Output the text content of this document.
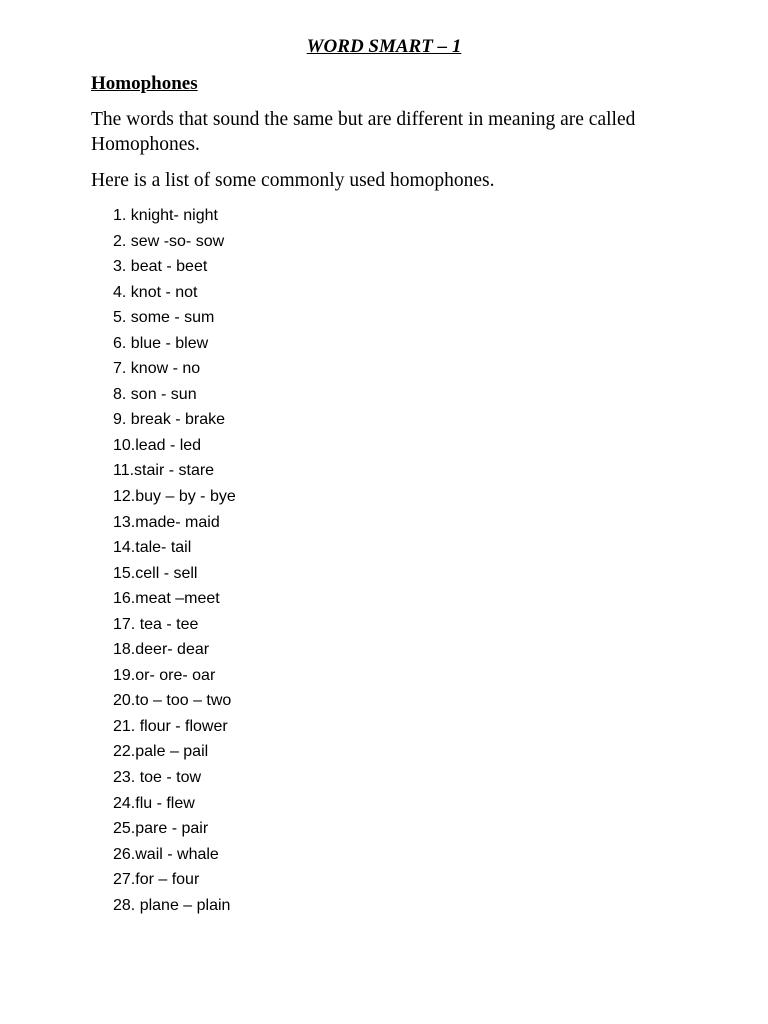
WORD SMART – 1
Homophones

The words that sound the same but are different in meaning are called Homophones.

Here is a list of some commonly used homophones.

1. knight- night
2. sew -so- sow
3. beat - beet
4. knot - not
5. some - sum
6. blue - blew
7. know - no
8. son - sun
9. break - brake
10.lead - led
11.stair - stare
12.buy – by - bye
13.made- maid
14.tale- tail
15.cell - sell
16.meat –meet
17. tea - tee
18.deer- dear
19.or- ore- oar
20.to – too – two
21. flour - flower
22.pale – pail
23. toe - tow
24.flu - flew
25.pare - pair
26.wail - whale
27.for – four
28. plane – plain
